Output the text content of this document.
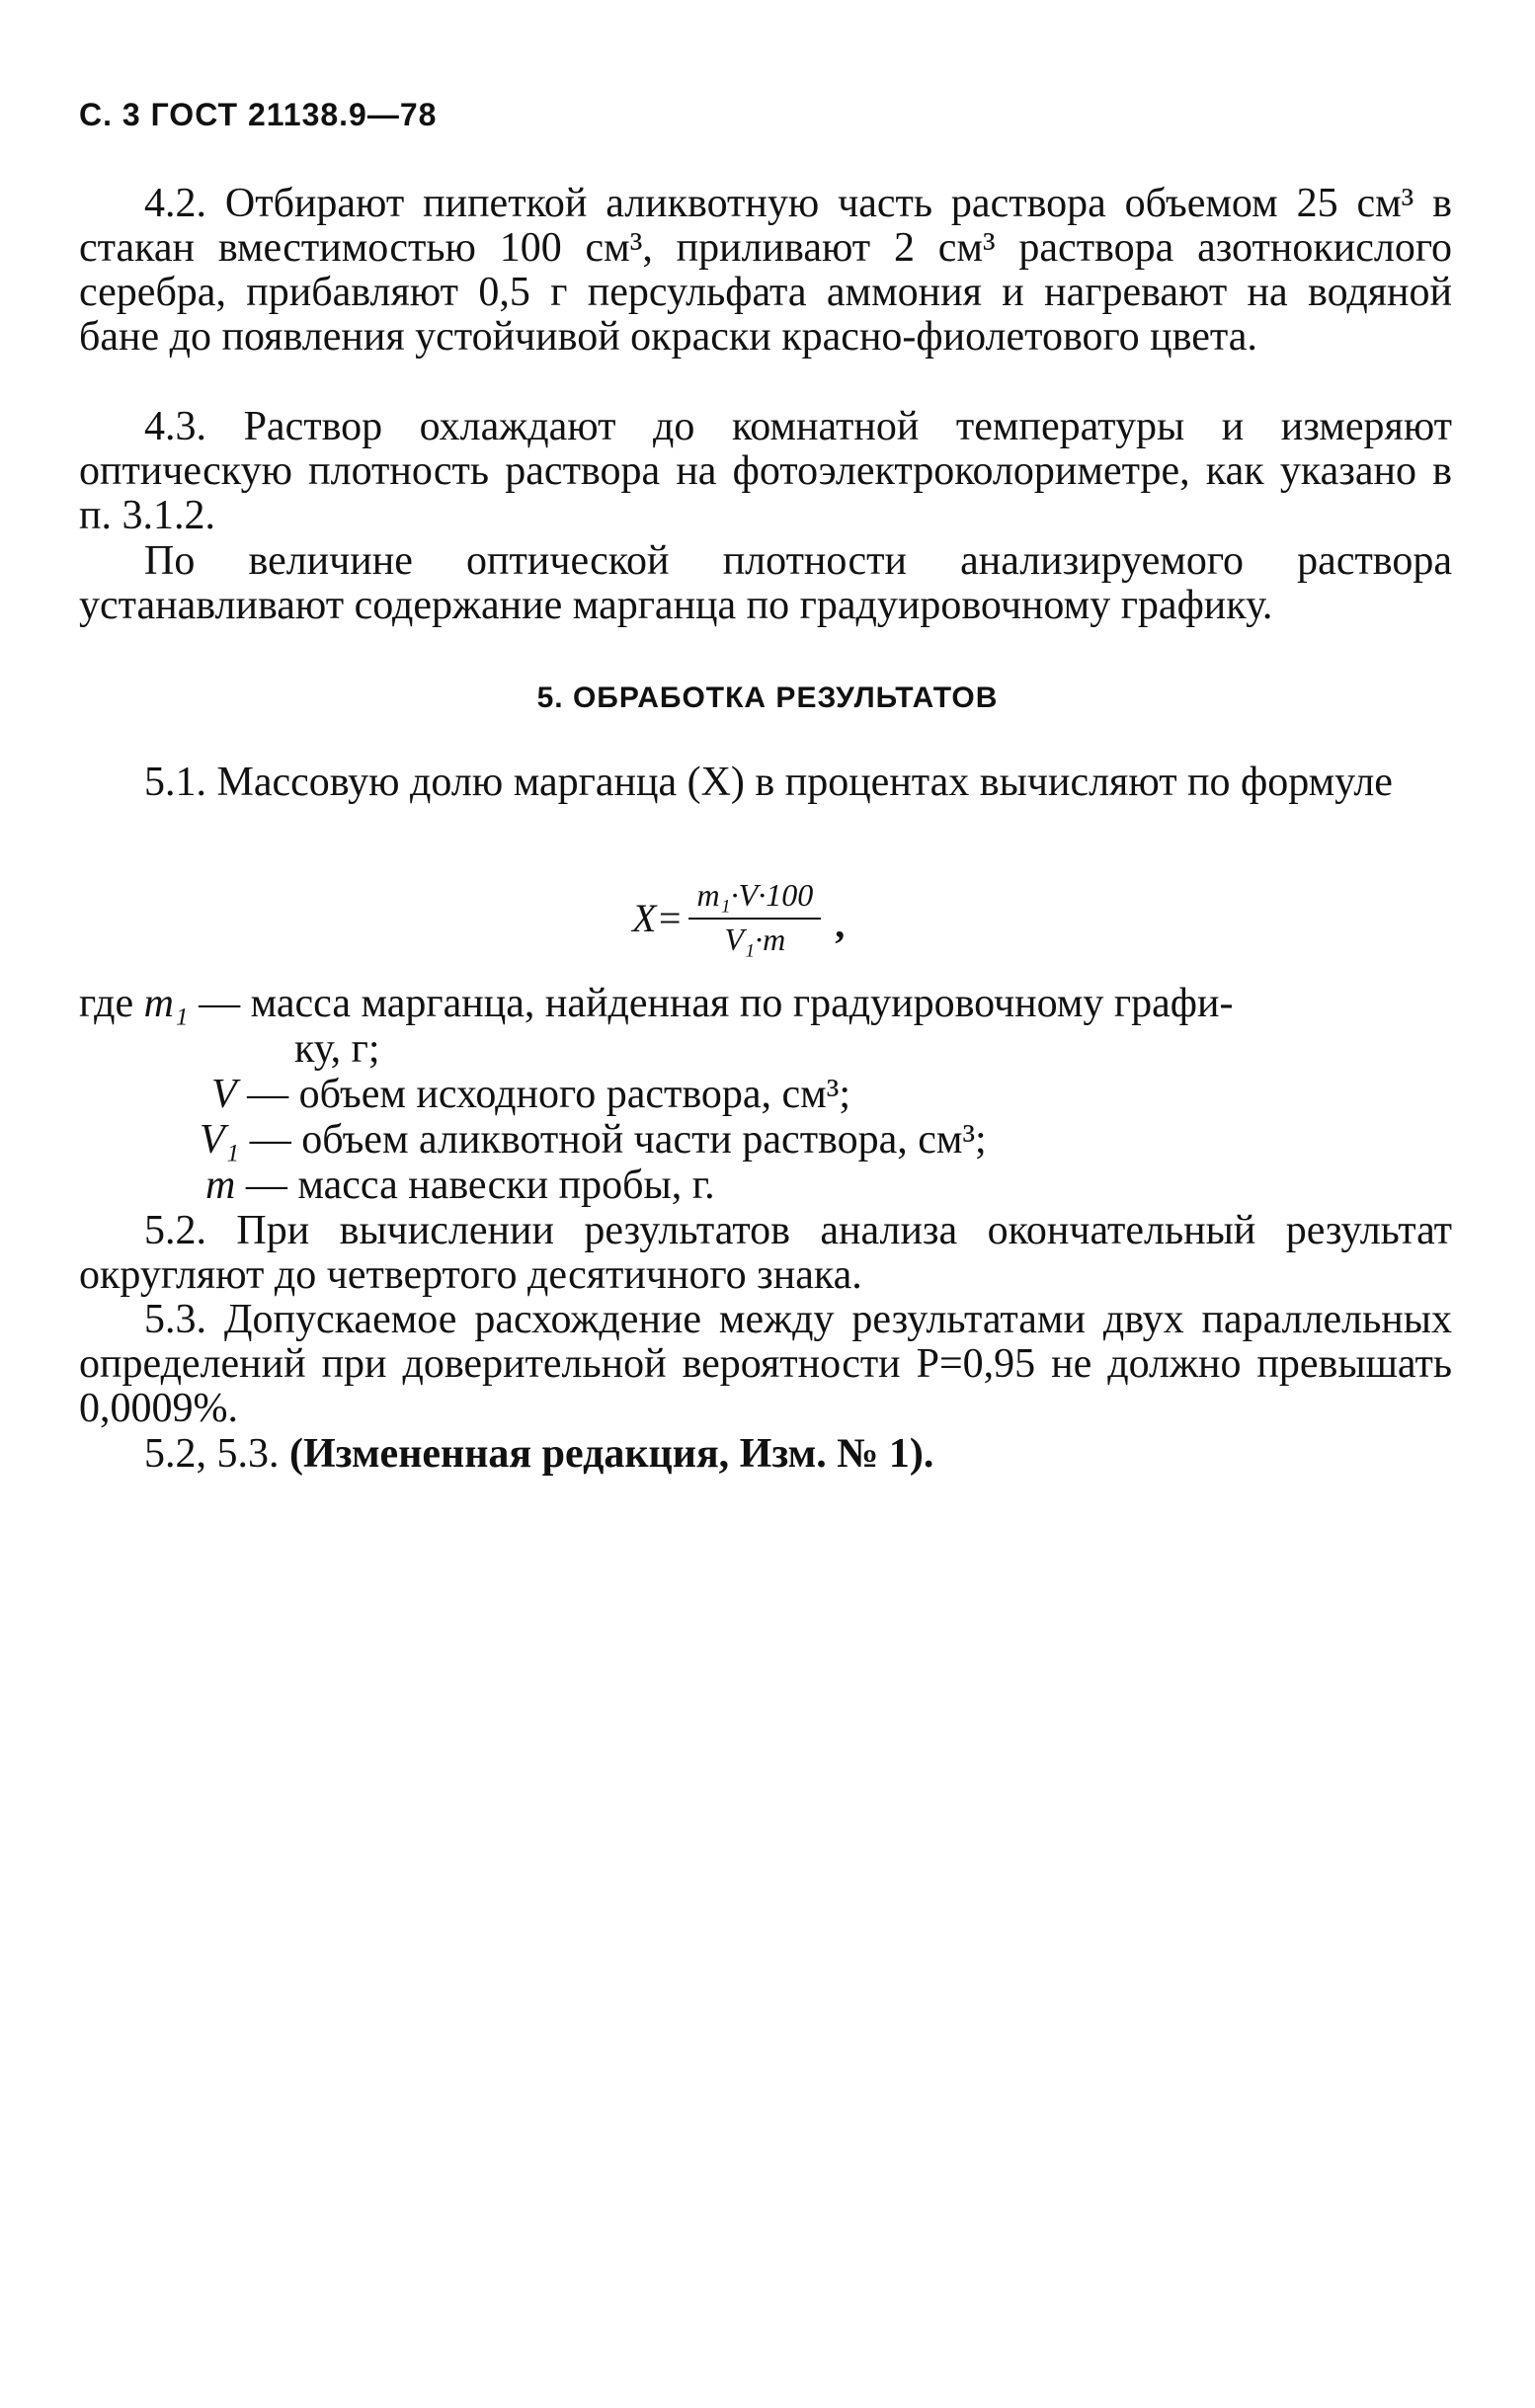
С. 3 ГОСТ 21138.9—78
4.2. Отбирают пипеткой аликвотную часть раствора объемом 25 см³ в стакан вместимостью 100 см³, приливают 2 см³ раствора азотнокислого серебра, прибавляют 0,5 г персульфата аммония и нагревают на водяной бане до появления устойчивой окраски красно-фиолетового цвета.
4.3. Раствор охлаждают до комнатной температуры и измеряют оптическую плотность раствора на фотоэлектроколориметре, как указано в п. 3.1.2.
По величине оптической плотности анализируемого раствора устанавливают содержание марганца по градуировочному графику.
5. ОБРАБОТКА РЕЗУЛЬТАТОВ
5.1. Массовую долю марганца (X) в процентах вычисляют по формуле
$X= \frac{\text{m₁·V·100}}{\text{V₁·m}}$ ,
где m₁ — масса марганца, найденная по градуировочному графи-
ку, г;
V — объем исходного раствора, см³;
V₁ — объем аликвотной части раствора, см³;
m — масса навески пробы, г.
5.2. При вычислении результатов анализа окончательный результат округляют до четвертого десятичного знака.
5.3. Допускаемое расхождение между результатами двух параллельных определений при доверительной вероятности P=0,95 не должно превышать 0,0009%.
5.2, 5.3. (Измененная редакция, Изм. № 1).
